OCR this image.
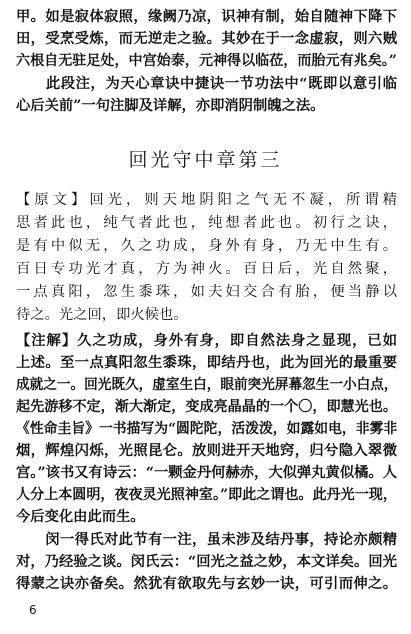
甲。如是寂体寂照，缘阙乃凉，识神有制，始自随神下降下
田，受烹受炼，而无逆走之验。其妙在于一念虚寂，则六贼
六根自无驻足处，中宫始泰，元神得以临莅，而胎元有兆矣。”
　　此段注，为天心章诀中捷诀一节功法中“既即以意引临
心后关前”一句注脚及详解，亦即消阴制魄之法。
回光守中章第三
【原文】回光，则天地阴阳之气无不凝，所谓精
思者此也，纯气者此也，纯想者此也。初行之诀，
是有中似无，久之功成，身外有身，乃无中生有。
百日专功光才真，方为神火。百日后，光自然聚，
一点真阳，忽生黍珠，如夫妇交合有胎，便当静以
待之。光之回，即火候也。
【注解】久之功成，身外有身，即自然法身之显现，已如
上述。至一点真阳忽生黍珠，即结丹也，此为回光的最重要
成就之一。回光既久，虚室生白，眼前突光屏幕忽生一小白点，
起先游移不定，渐大渐定，变成亮晶晶的一个〇，即慧光也。
《性命圭旨》一书描写为“圆陀陀，活泼泼，如露如电，非雾非
烟，辉煌闪烁，光照昆仑。放则进开天地窍，归兮隐入翠微
宫。”该书又有诗云：“一颗金丹何赫赤，大似弹丸黄似橘。人
人分上本圆明，夜夜灵光照神室。”即此之谓也。此丹光一现，
今后变化由此而生。
　　闵一得氏对此节有一注，虽未涉及结丹事，持论亦颇精
对，乃经验之谈。闵氏云：“回光之益之妙，本文详矣。回光
得蒙之诀亦备矣。然犹有欲取先与玄妙一诀，可引而伸之。
6
